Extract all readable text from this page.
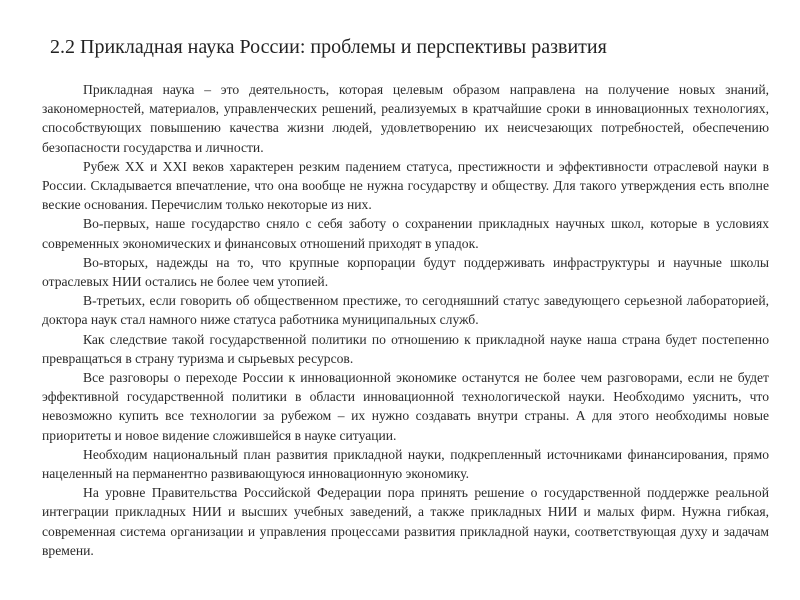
2.2 Прикладная наука России: проблемы и перспективы развития

Прикладная наука – это деятельность, которая целевым образом направлена на получение новых знаний, закономерностей, материалов, управленческих решений, реализуемых в кратчайшие сроки в инновационных технологиях, способствующих повышению качества жизни людей, удовлетворению их неисчезающих потребностей, обеспечению безопасности государства и личности.

Рубеж XX и XXI веков характерен резким падением статуса, престижности и эффективности отраслевой науки в России. Складывается впечатление, что она вообще не нужна государству и обществу. Для такого утверждения есть вполне веские основания. Перечислим только некоторые из них.

Во-первых, наше государство сняло с себя заботу о сохранении прикладных научных школ, которые в условиях современных экономических и финансовых отношений приходят в упадок.

Во-вторых, надежды на то, что крупные корпорации будут поддерживать инфраструктуры и научные школы отраслевых НИИ остались не более чем утопией.

В-третьих, если говорить об общественном престиже, то сегодняшний статус заведующего серьезной лабораторией, доктора наук стал намного ниже статуса работника муниципальных служб.

Как следствие такой государственной политики по отношению к прикладной науке наша страна будет постепенно превращаться в страну туризма и сырьевых ресурсов.

Все разговоры о переходе России к инновационной экономике останутся не более чем разговорами, если не будет эффективной государственной политики в области инновационной технологической науки. Необходимо уяснить, что невозможно купить все технологии за рубежом – их нужно создавать внутри страны. А для этого необходимы новые приоритеты и новое видение сложившейся в науке ситуации.

Необходим национальный план развития прикладной науки, подкрепленный источниками финансирования, прямо нацеленный на перманентно развивающуюся инновационную экономику.

На уровне Правительства Российской Федерации пора принять решение о государственной поддержке реальной интеграции прикладных НИИ и высших учебных заведений, а также прикладных НИИ и малых фирм. Нужна гибкая, современная система организации и управления процессами развития прикладной науки, соответствующая духу и задачам времени.
